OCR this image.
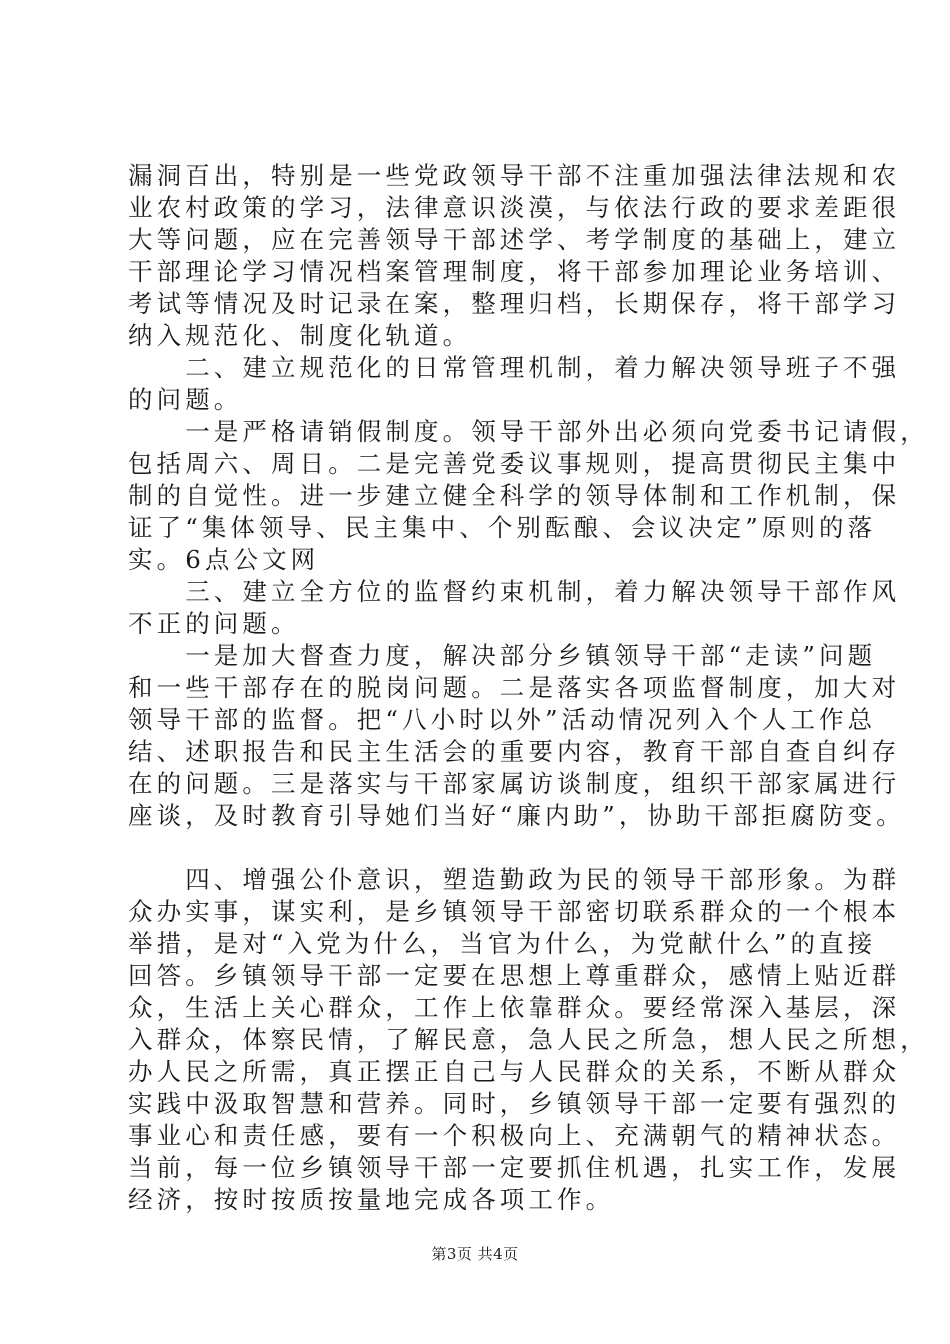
漏洞百出，特别是一些党政领导干部不注重加强法律法规和农
业农村政策的学习，法律意识淡漠，与依法行政的要求差距很
大等问题，应在完善领导干部述学、考学制度的基础上，建立
干部理论学习情况档案管理制度，将干部参加理论业务培训、
考试等情况及时记录在案，整理归档，长期保存，将干部学习
纳入规范化、制度化轨道。
　　二、建立规范化的日常管理机制，着力解决领导班子不强
的问题。
　　一是严格请销假制度。领导干部外出必须向党委书记请假，
包括周六、周日。二是完善党委议事规则，提高贯彻民主集中
制的自觉性。进一步建立健全科学的领导体制和工作机制，保
证了“集体领导、民主集中、个别酝酿、会议决定”原则的落
实。6点公文网
　　三、建立全方位的监督约束机制，着力解决领导干部作风
不正的问题。
　　一是加大督查力度，解决部分乡镇领导干部“走读”问题
和一些干部存在的脱岗问题。二是落实各项监督制度，加大对
领导干部的监督。把“八小时以外”活动情况列入个人工作总
结、述职报告和民主生活会的重要内容，教育干部自查自纠存
在的问题。三是落实与干部家属访谈制度，组织干部家属进行
座谈，及时教育引导她们当好“廉内助”，协助干部拒腐防变。
　　四、增强公仆意识，塑造勤政为民的领导干部形象。为群
众办实事，谋实利，是乡镇领导干部密切联系群众的一个根本
举措，是对“入党为什么，当官为什么，为党献什么”的直接
回答。乡镇领导干部一定要在思想上尊重群众，感情上贴近群
众，生活上关心群众，工作上依靠群众。要经常深入基层，深
入群众，体察民情，了解民意，急人民之所急，想人民之所想，
办人民之所需，真正摆正自己与人民群众的关系，不断从群众
实践中汲取智慧和营养。同时，乡镇领导干部一定要有强烈的
事业心和责任感，要有一个积极向上、充满朝气的精神状态。
当前，每一位乡镇领导干部一定要抓住机遇，扎实工作，发展
经济，按时按质按量地完成各项工作。
第3页 共4页
